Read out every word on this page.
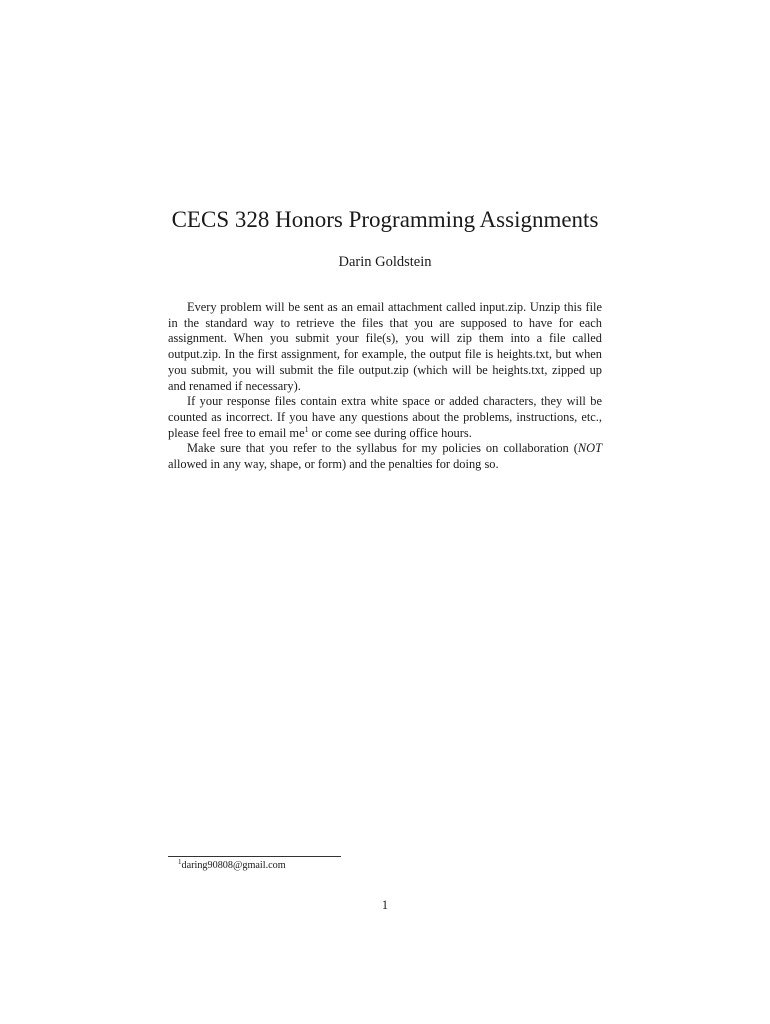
CECS 328 Honors Programming Assignments
Darin Goldstein

Every problem will be sent as an email attachment called input.zip. Unzip this file in the standard way to retrieve the files that you are supposed to have for each assignment. When you submit your file(s), you will zip them into a file called output.zip. In the first assignment, for example, the output file is heights.txt, but when you submit, you will submit the file output.zip (which will be heights.txt, zipped up and renamed if necessary).

If your response files contain extra white space or added characters, they will be counted as incorrect. If you have any questions about the problems, instructions, etc., please feel free to email $me^1$ or come see during office hours.

Make sure that you refer to the syllabus for my policies on collaboration (NOT allowed in any way, shape, or form) and the penalties for doing so.

$^1$daring90808@gmail.com
1
